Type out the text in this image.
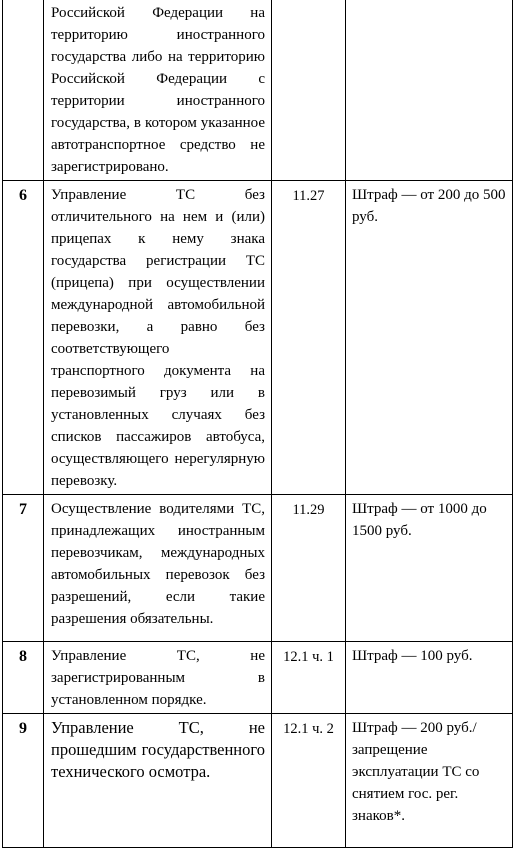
	Российской Федерации на территорию иностранного государства либо на территорию Российской Федерации с территории иностранного государства, в котором указанное автотранспортное средство не зарегистрировано.		
6	Управление ТС без отличительного на нем и (или) прицепах к нему знака государства регистрации ТС (прицепа) при осуществлении международной автомобильной перевозки, а равно без соответствующего транспортного документа на перевозимый груз или в установленных случаях без списков пассажиров автобуса, осуществляющего нерегулярную перевозку.	11.27	Штраф — от 200 до 500 руб.
7	Осуществление водителями ТС, принадлежащих иностранным перевозчикам, международных автомобильных перевозок без разрешений, если такие разрешения обязательны.	11.29	Штраф — от 1000 до 1500 руб.
8	Управление ТС, не зарегистрированным в установленном порядке.	12.1 ч. 1	Штраф — 100 руб.
9	Управление ТС, не прошедшим государственного технического осмотра.	12.1 ч. 2	Штраф — 200 руб./ запрещение эксплуатации ТС со снятием гос. рег. знаков*.
